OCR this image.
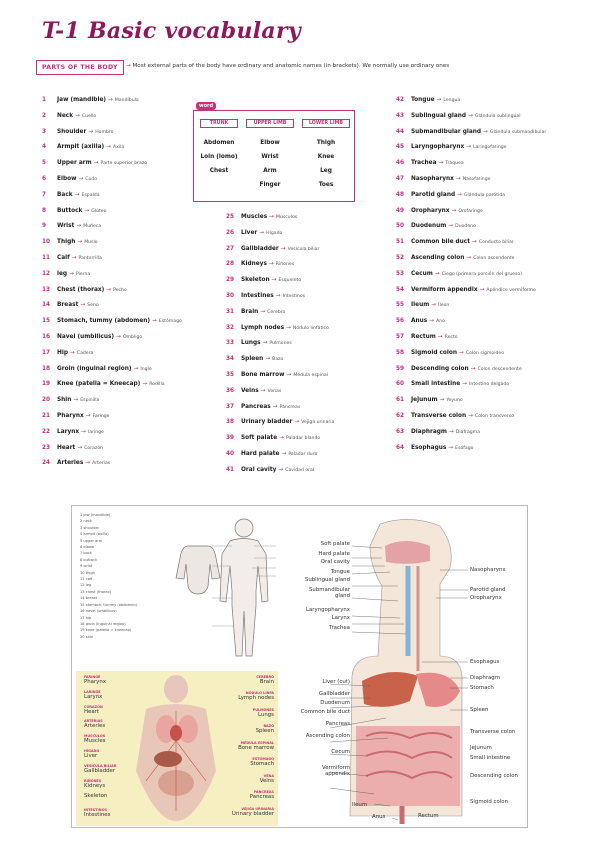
T-1 Basic vocabulary
PARTS OF THE BODY	→ Most external parts of the body have ordinary and anatomic names (in brackets). We normally use ordinary ones
1 Jaw (mandible) → Mandíbula
2 Neck → Cuello
3 Shoulder → Hombro
4 Armpit (axilla) → Axila
5 Upper arm → Parte superior brazo
6 Elbow → Codo
7 Back → Espalda
8 Buttock → Glúteo
9 Wrist → Muñeca
10 Thigh → Muslo
11 Calf → Pantorrilla
12 leg → Pierna
13 Chest (thorax) → Pecho
14 Breast → Seno
15 Stomach, tummy (abdomen) → Estómago
16 Navel (umbilicus) → Ombligo
17 Hip → Cadera
18 Groin (inguinal region) → Ingle
19 Knee (patella = Kneecap) → Rodilla
20 Shin → Espinilla
21 Pharynx → Faringe
22 Larynx → laringe
23 Heart → Corazón
24 Arteries → Arterias
word
TRUNK
Abdomen
Loin (lomo)
Chest
UPPER LIMB
Elbow
Wrist
Arm
Finger
LOWER LIMB
Thigh
Knee
Leg
Toes
25 Muscles → Músculos
26 Liver → Hígado
27 Gallbladder → Vesícula biliar
28 Kidneys → Riñones
29 Skeleton → Esqueleto
30 Intestines → Intestinos
31 Brain → Cerebro
32 Lymph nodes → Nódulo linfático
33 Lungs → Pulmones
34 Spleen → Bazo
35 Bone marrow → Médula espinal
36 Veins → Venas
37 Pancreas → Páncreas
38 Urinary bladder → Vejiga urinaria
39 Soft palate → Paladar blando
40 Hard palate → Paladar duro
41 Oral cavity → Cavidad oral
42 Tongue → Lengua
43 Sublingual gland → Glándula sublingual
44 Submandibular gland → Glándula submandibular
45 Laryngopharynx → Laringofaringe
46 Trachea → Tráquea
47 Nasopharynx → Nasofaringe
48 Parotid gland → Glándula parótida
49 Oropharynx → Orofaringe
50 Duodenum → Duodeno
51 Common bile duct → Conducto biliar
52 Ascending colon → Colon ascendente
53 Cecum → Ciego (primera porción del grueso)
54 Vermiform appendix → Apéndice vermiforme
55 Ileum → Íleon
56 Anus → Ano
57 Rectum → Recto
58 Sigmoid colon → Colon sigmoideo
59 Descending colon → Colon descendente
60 Small intestine → Intestino delgado
61 Jejunum → Yeyuno
62 Transverse colon → Colon transverso
63 Diaphragm → Diafragma
64 Esophagus → Esófago
1 jaw (mandible)
2 neck
3 shoulder
4 armpit (axilla)
5 upper arm
6 elbow
7 back
8 buttock
9 wrist
10 thigh
11 calf
12 leg
13 chest (thorax)
14 breast
15 stomach, tummy (abdomen)
16 navel (umbilicus)
17 hip
18 groin (inguinal region)
19 knee (patella = kneecap)
20 shin
FARINGE
Pharynx
LARINGE
Larynx
CORAZÓN
Heart
ARTERIAS
Arteries
MÚSCULOS
Muscles
HÍGADO
Liver
VESÍCULA BILIAR
Gallbladder
RIÑONES
Kidneys
Skeleton
INTESTINOS
Intestines
CEREBRO
Brain
NÓDULO LINFA
Lymph nodes
PULMONES
Lungs
BAZO
Spleen
MÉDULA ESPINAL
Bone marrow
ESTÓMAGO
Stomach
VENA
Veins
PÁNCREAS
Pancreas
VEJIGA URINARIA
Urinary bladder
Soft palate
Hard palate
Oral cavity
Tongue
Sublingual gland
Submandibular gland
Laryngopharynx
Larynx
Trachea
Liver (cut)
Gallbladder
Duodenum
Common bile duct
Pancreas
Ascending colon
Cecum
Vermiform appendix
Ileum
Anus
Nasopharynx
Parotid gland
Oropharynx
Esophagus
Diaphragm
Stomach
Spleen
Transverse colon
Jejunum
Small intestine
Descending colon
Sigmoid colon
Rectum
